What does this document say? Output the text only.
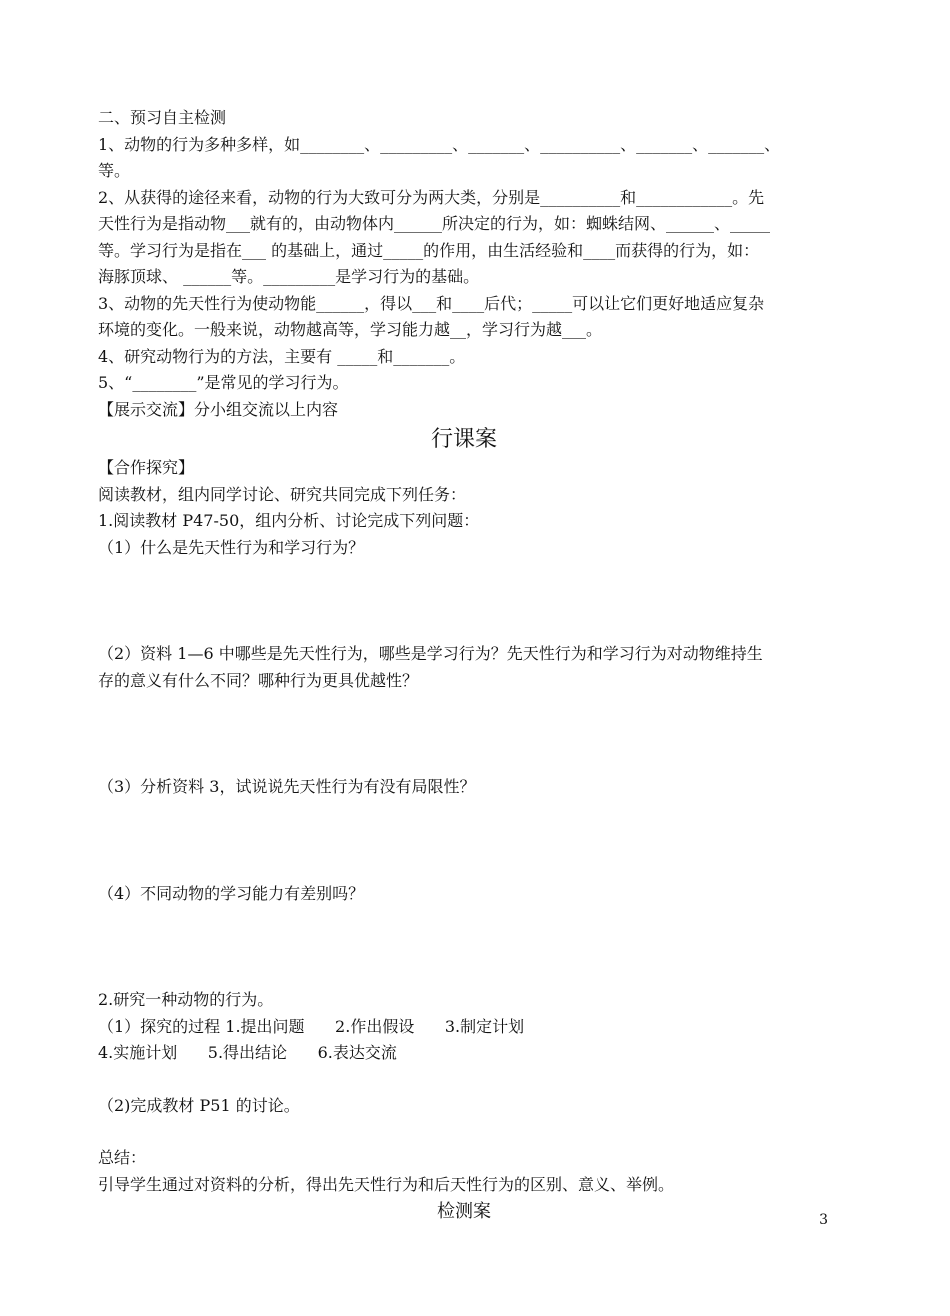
二、预习自主检测
1、动物的行为多种多样，如________、_________、_______、__________、_______、_______、
等。
2、从获得的途径来看，动物的行为大致可分为两大类，分别是__________和____________。先
天性行为是指动物___就有的，由动物体内______所决定的行为，如：蜘蛛结网、______、_____
等。学习行为是指在___ 的基础上，通过_____的作用，由生活经验和____而获得的行为，如：
海豚顶球、 ______等。_________是学习行为的基础。
3、动物的先天性行为使动物能______，得以___和____后代；_____可以让它们更好地适应复杂
环境的变化。一般来说，动物越高等，学习能力越__，学习行为越___。
4、研究动物行为的方法，主要有 _____和_______。
5、“________”是常见的学习行为。
【展示交流】分小组交流以上内容
行课案
【合作探究】
阅读教材，组内同学讨论、研究共同完成下列任务：
1.阅读教材 P47-50，组内分析、讨论完成下列问题：
（1）什么是先天性行为和学习行为？
（2）资料 1—6 中哪些是先天性行为，哪些是学习行为？先天性行为和学习行为对动物维持生
存的意义有什么不同？哪种行为更具优越性？
（3）分析资料 3，试说说先天性行为有没有局限性？
（4）不同动物的学习能力有差别吗？
2.研究一种动物的行为。
（1）探究的过程 1.提出问题      2.作出假设      3.制定计划
4.实施计划      5.得出结论      6.表达交流
（2)完成教材 P51 的讨论。
总结：
引导学生通过对资料的分析，得出先天性行为和后天性行为的区别、意义、举例。
检测案	3
